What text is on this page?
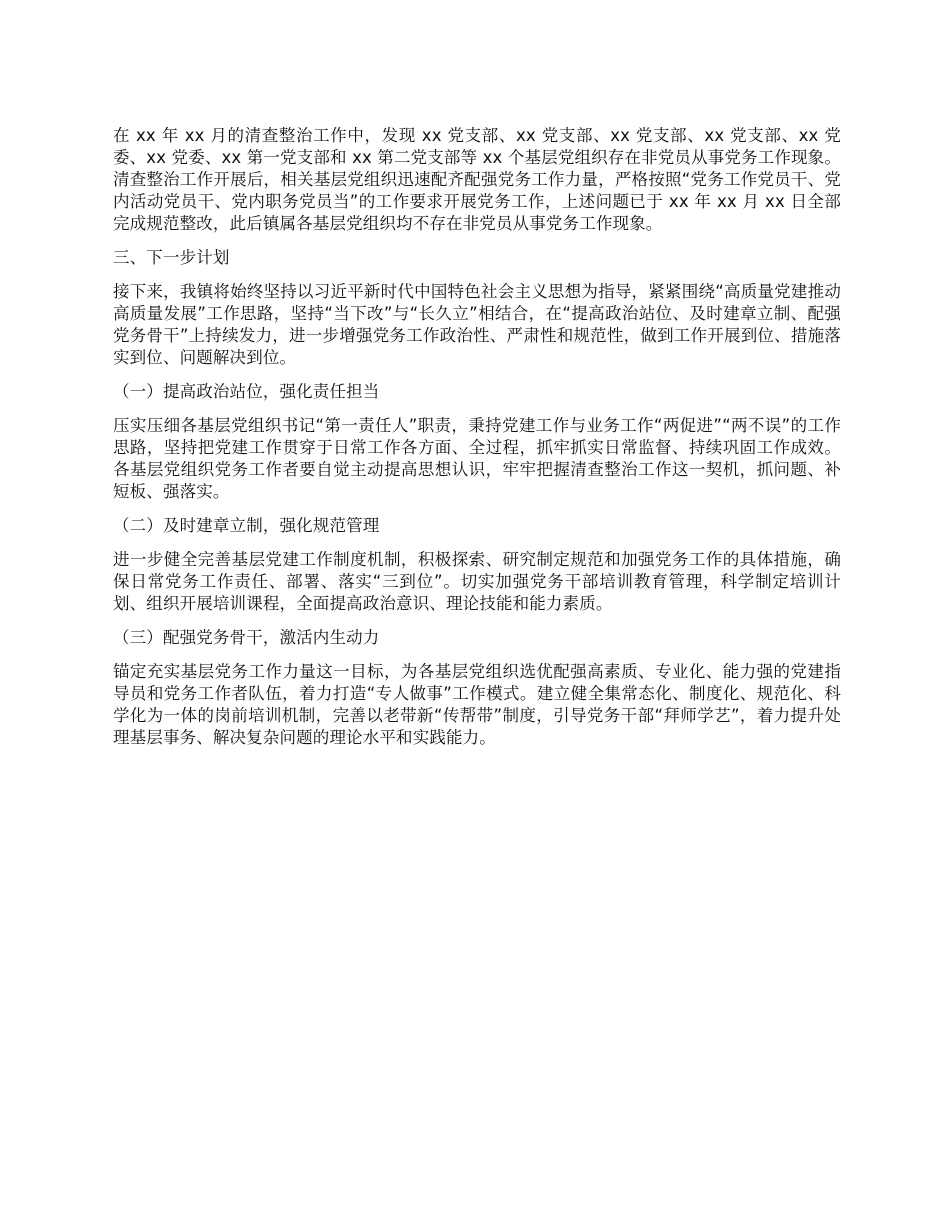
在 xx 年 xx 月的清查整治工作中，发现 xx 党支部、xx 党支部、xx 党支部、xx 党支部、xx 党委、xx 党委、xx 第一党支部和 xx 第二党支部等 xx 个基层党组织存在非党员从事党务工作现象。清查整治工作开展后，相关基层党组织迅速配齐配强党务工作力量，严格按照“党务工作党员干、党内活动党员干、党内职务党员当”的工作要求开展党务工作，上述问题已于 xx 年 xx 月 xx 日全部完成规范整改，此后镇属各基层党组织均不存在非党员从事党务工作现象。

三、下一步计划

接下来，我镇将始终坚持以习近平新时代中国特色社会主义思想为指导，紧紧围绕“高质量党建推动高质量发展”工作思路，坚持“当下改”与“长久立”相结合，在“提高政治站位、及时建章立制、配强党务骨干”上持续发力，进一步增强党务工作政治性、严肃性和规范性，做到工作开展到位、措施落实到位、问题解决到位。

（一）提高政治站位，强化责任担当

压实压细各基层党组织书记“第一责任人”职责，秉持党建工作与业务工作“两促进”“两不误”的工作思路，坚持把党建工作贯穿于日常工作各方面、全过程，抓牢抓实日常监督、持续巩固工作成效。各基层党组织党务工作者要自觉主动提高思想认识，牢牢把握清查整治工作这一契机，抓问题、补短板、强落实。

（二）及时建章立制，强化规范管理

进一步健全完善基层党建工作制度机制，积极探索、研究制定规范和加强党务工作的具体措施，确保日常党务工作责任、部署、落实“三到位”。切实加强党务干部培训教育管理，科学制定培训计划、组织开展培训课程，全面提高政治意识、理论技能和能力素质。

（三）配强党务骨干，激活内生动力

锚定充实基层党务工作力量这一目标，为各基层党组织选优配强高素质、专业化、能力强的党建指导员和党务工作者队伍，着力打造“专人做事”工作模式。建立健全集常态化、制度化、规范化、科学化为一体的岗前培训机制，完善以老带新“传帮带”制度，引导党务干部“拜师学艺”，着力提升处理基层事务、解决复杂问题的理论水平和实践能力。
